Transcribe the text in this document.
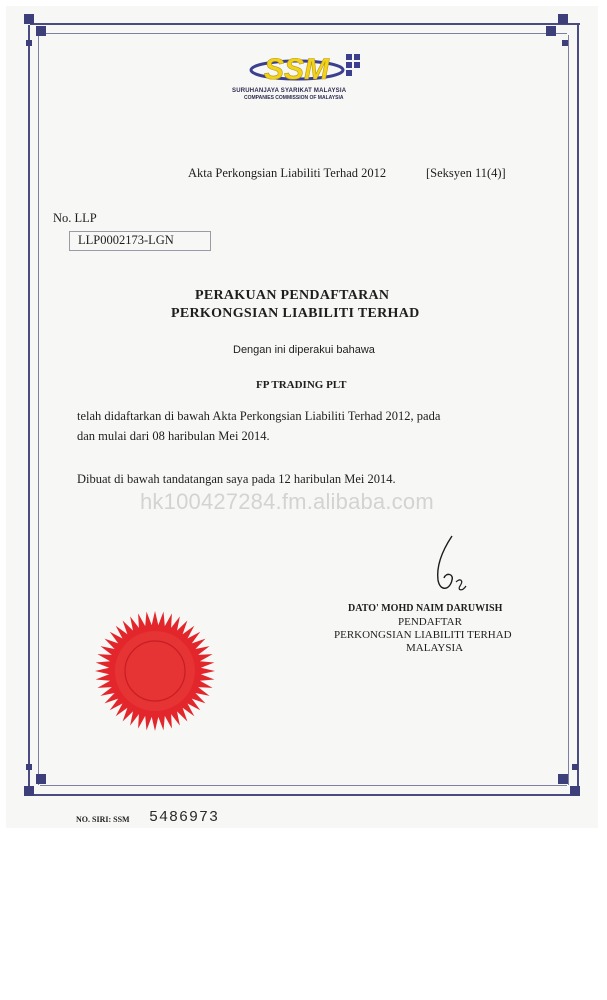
SSM
SURUHANJAYA SYARIKAT MALAYSIA
COMPANIES COMMISSION OF MALAYSIA
Akta Perkongsian Liabiliti Terhad 2012	[Seksyen 11(4)]
No. LLP
LLP0002173-LGN
PERAKUAN PENDAFTARAN
PERKONGSIAN LIABILITI TERHAD
Dengan ini diperakui bahawa
FP TRADING PLT
telah didaftarkan di bawah Akta Perkongsian Liabiliti Terhad 2012, pada
dan mulai dari 08 haribulan Mei 2014.
Dibuat di bawah tandatangan saya pada 12 haribulan Mei 2014.
DATO' MOHD NAIM DARUWISH
PENDAFTAR
PERKONGSIAN LIABILITI TERHAD
MALAYSIA
NO. SIRI: SSM 5486973
hk100427284.fm.alibaba.com
